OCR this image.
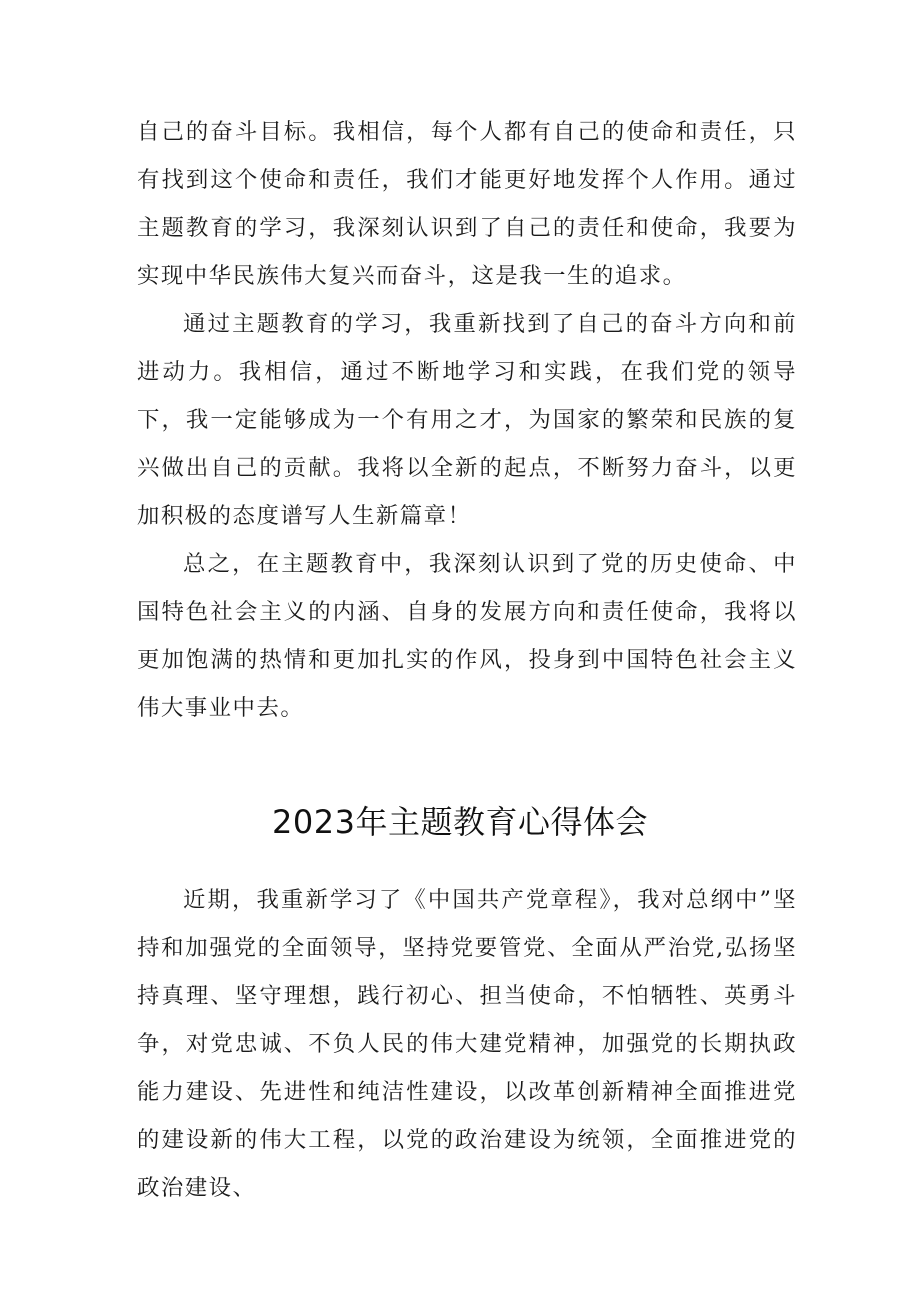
自己的奋斗目标。我相信，每个人都有自己的使命和责任，只有找到这个使命和责任，我们才能更好地发挥个人作用。通过主题教育的学习，我深刻认识到了自己的责任和使命，我要为实现中华民族伟大复兴而奋斗，这是我一生的追求。

通过主题教育的学习，我重新找到了自己的奋斗方向和前进动力。我相信，通过不断地学习和实践，在我们党的领导下，我一定能够成为一个有用之才，为国家的繁荣和民族的复兴做出自己的贡献。我将以全新的起点，不断努力奋斗，以更加积极的态度谱写人生新篇章！

总之，在主题教育中，我深刻认识到了党的历史使命、中国特色社会主义的内涵、自身的发展方向和责任使命，我将以更加饱满的热情和更加扎实的作风，投身到中国特色社会主义伟大事业中去。

2023年主题教育心得体会

近期，我重新学习了《中国共产党章程》，我对总纲中”坚持和加强党的全面领导，坚持党要管党、全面从严治党,弘扬坚持真理、坚守理想，践行初心、担当使命，不怕牺牲、英勇斗争，对党忠诚、不负人民的伟大建党精神，加强党的长期执政能力建设、先进性和纯洁性建设，以改革创新精神全面推进党的建设新的伟大工程，以党的政治建设为统领，全面推进党的政治建设、
